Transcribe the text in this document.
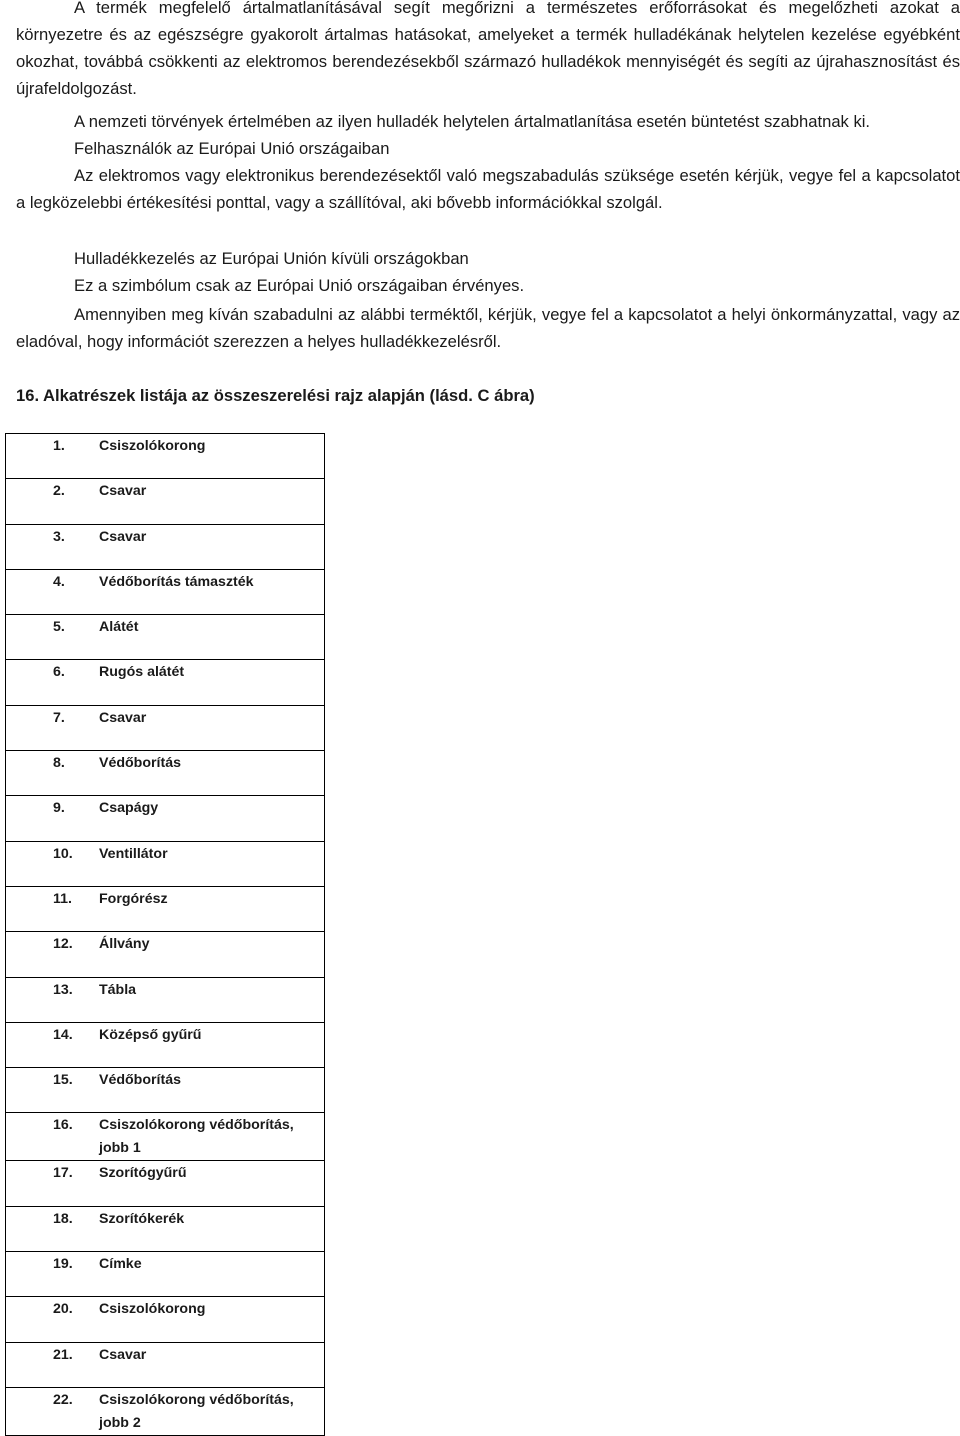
A termék megfelelő ártalmatlanításával segít megőrizni a természetes erőforrásokat és megelőzheti azokat a környezetre és az egészségre gyakorolt ártalmas hatásokat, amelyeket a termék hulladékának helytelen kezelése egyébként okozhat, továbbá csökkenti az elektromos berendezésekből származó hulladékok mennyiségét és segíti az újrahasznosítást és újrafeldolgozást.

A nemzeti törvények értelmében az ilyen hulladék helytelen ártalmatlanítása esetén büntetést szabhatnak ki.
Felhasználók az Európai Unió országaiban

Az elektromos vagy elektronikus berendezésektől való megszabadulás szüksége esetén kérjük, vegye fel a kapcsolatot a legközelebbi értékesítési ponttal, vagy a szállítóval, aki bővebb információkkal szolgál.

Hulladékkezelés az Európai Unión kívüli országokban
Ez a szimbólum csak az Európai Unió országaiban érvényes.

Amennyiben meg kíván szabadulni az alábbi terméktől, kérjük, vegye fel a kapcsolatot a helyi önkormányzattal, vagy az eladóval, hogy információt szerezzen a helyes hulladékkezelésről.

16. Alkatrészek listája az összeszerelési rajz alapján (lásd. C ábra)
1.	Csiszolókorong

2.	Csavar

3.	Csavar

4.	Védőborítás támaszték

5.	Alátét

6.	Rugós alátét

7.	Csavar

8.	Védőborítás

9.	Csapágy

10.	Ventillátor

11.	Forgórész

12.	Állvány

13.	Tábla

14.	Középső gyűrű

15.	Védőborítás

16.	Csiszolókorong védőborítás, jobb 1

17.	Szorítógyűrű

18.	Szorítókerék

19.	Címke

20.	Csiszolókorong

21.	Csavar

22.	Csiszolókorong védőborítás, jobb 2
